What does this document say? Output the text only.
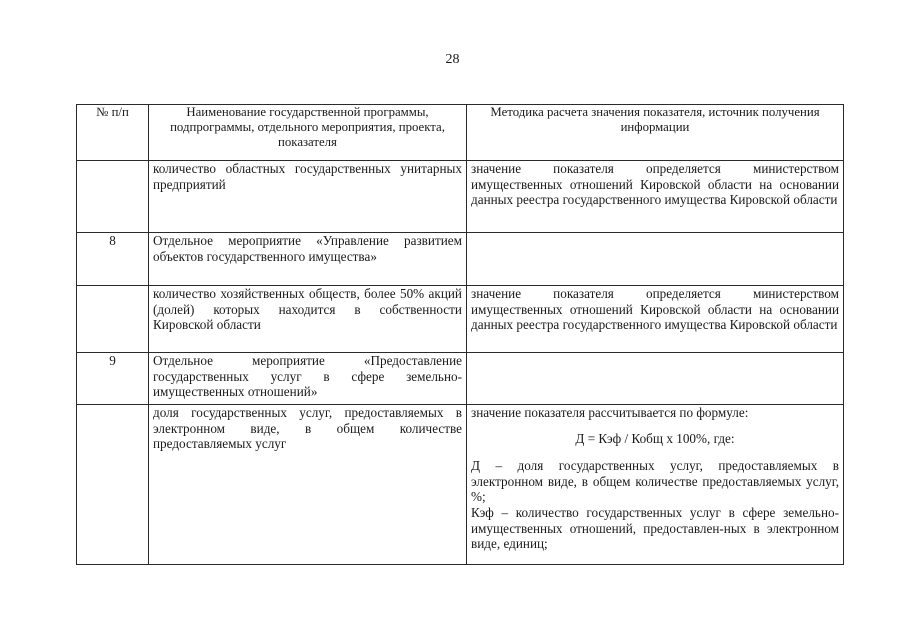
28
№ п/п	Наименование государственной программы, подпрограммы, отдельного мероприятия, проекта, показателя	Методика расчета значения показателя, источник получения информации
	количество областных государственных унитарных предприятий	значение показателя определяется министерством имущественных отношений Кировской области на основании данных реестра государственного имущества Кировской области
8	Отдельное мероприятие «Управление развитием объектов государственного имущества»	
	количество хозяйственных обществ, более 50% акций (долей) которых находится в собственности Кировской области	значение показателя определяется министерством имущественных отношений Кировской области на основании данных реестра государственного имущества Кировской области
9	Отдельное мероприятие «Предоставление государственных услуг в сфере земельно-имущественных отношений»	
	доля государственных услуг, предоставляемых в электронном виде, в общем количестве предоставляемых услуг	значение показателя рассчитывается по формуле:

Д = Кэф / Кобщ х 100%, где:

Д – доля государственных услуг, предоставляемых в электронном виде, в общем количестве предоставляемых услуг, %;

Кэф – количество государственных услуг в сфере земельно-имущественных отношений, предоставлен-ных в электронном виде, единиц;
